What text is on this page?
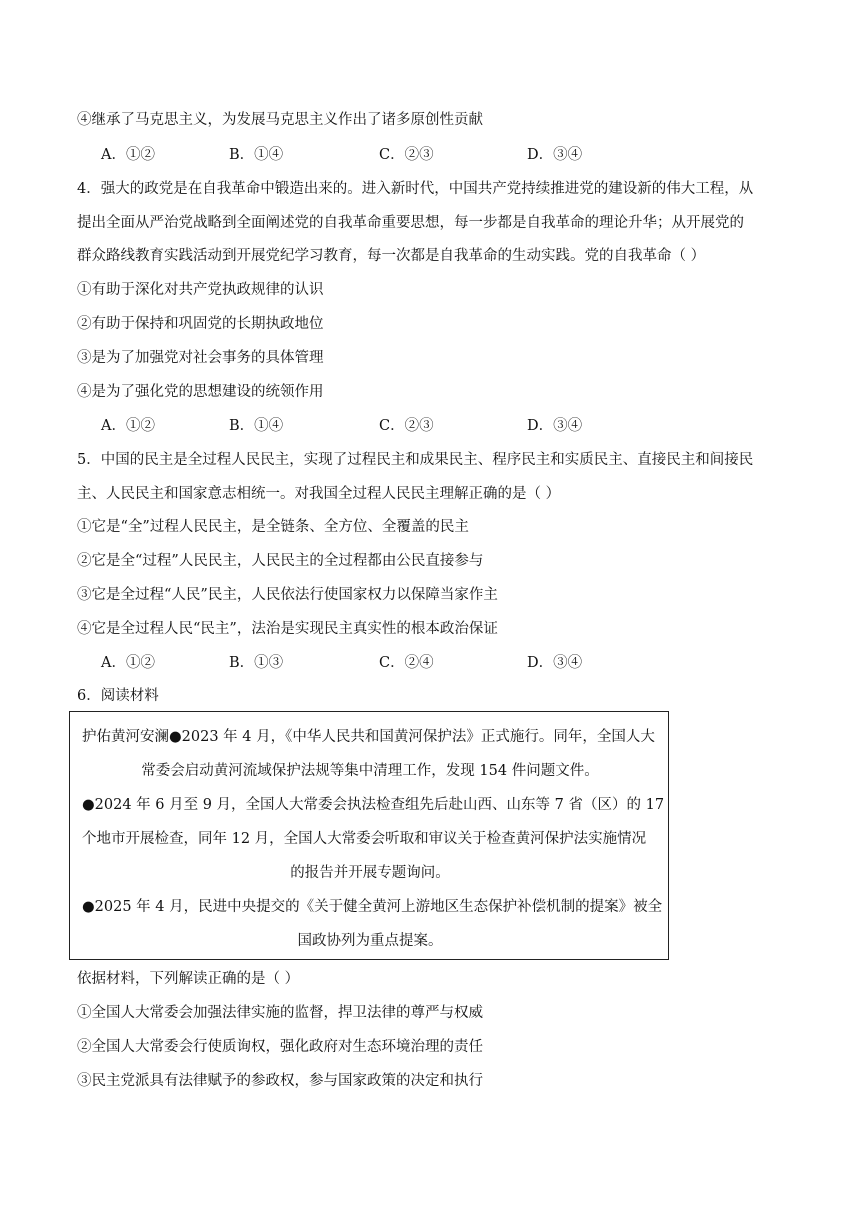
④继承了马克思主义，为发展马克思主义作出了诸多原创性贡献
A．①②	B．①④	C．②③	D．③④
4．强大的政党是在自我革命中锻造出来的。进入新时代，中国共产党持续推进党的建设新的伟大工程，从
提出全面从严治党战略到全面阐述党的自我革命重要思想，每一步都是自我革命的理论升华；从开展党的
群众路线教育实践活动到开展党纪学习教育，每一次都是自我革命的生动实践。党的自我革命（ ）
①有助于深化对共产党执政规律的认识
②有助于保持和巩固党的长期执政地位
③是为了加强党对社会事务的具体管理
④是为了强化党的思想建设的统领作用
A．①②	B．①④	C．②③	D．③④
5．中国的民主是全过程人民民主，实现了过程民主和成果民主、程序民主和实质民主、直接民主和间接民
主、人民民主和国家意志相统一。对我国全过程人民民主理解正确的是（ ）
①它是“全”过程人民民主，是全链条、全方位、全覆盖的民主
②它是全“过程”人民民主，人民民主的全过程都由公民直接参与
③它是全过程“人民”民主，人民依法行使国家权力以保障当家作主
④它是全过程人民“民主”，法治是实现民主真实性的根本政治保证
A．①②	B．①③	C．②④	D．③④
6．阅读材料
护佑黄河安澜●2023 年 4 月，《中华人民共和国黄河保护法》正式施行。同年，全国人大
常委会启动黄河流域保护法规等集中清理工作，发现 154 件问题文件。
●2024 年 6 月至 9 月，全国人大常委会执法检查组先后赴山西、山东等 7 省（区）的 17
个地市开展检查，同年 12 月，全国人大常委会听取和审议关于检查黄河保护法实施情况
的报告并开展专题询问。
●2025 年 4 月，民进中央提交的《关于健全黄河上游地区生态保护补偿机制的提案》被全
国政协列为重点提案。
依据材料，下列解读正确的是（ ）
①全国人大常委会加强法律实施的监督，捍卫法律的尊严与权威
②全国人大常委会行使质询权，强化政府对生态环境治理的责任
③民主党派具有法律赋予的参政权，参与国家政策的决定和执行
